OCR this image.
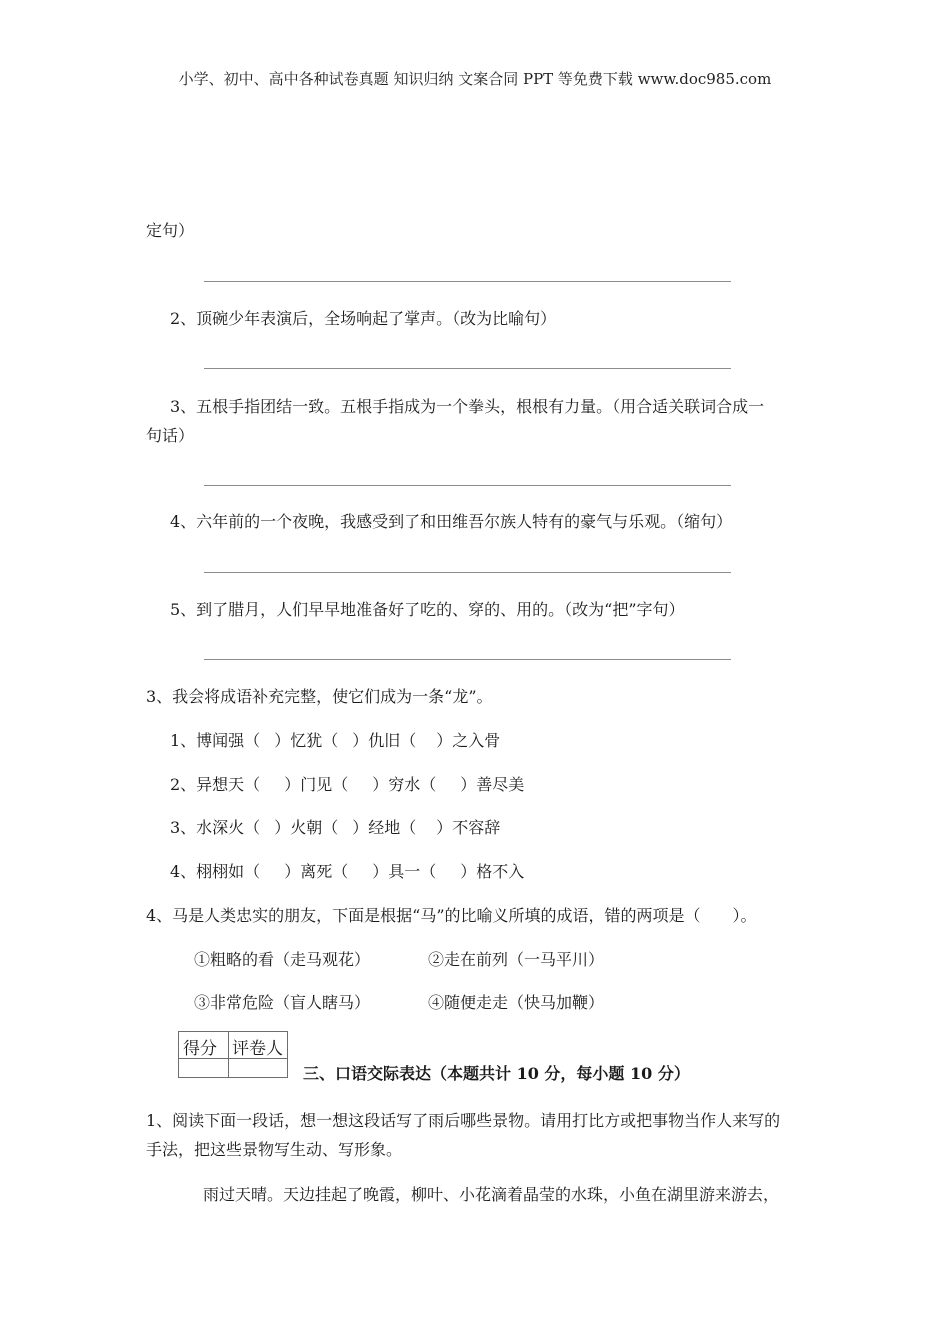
小学、初中、高中各种试卷真题 知识归纳 文案合同 PPT 等免费下载 www.doc985.com
定句）
2、顶碗少年表演后，全场响起了掌声。（改为比喻句）
3、五根手指团结一致。五根手指成为一个拳头，根根有力量。（用合适关联词合成一
句话）
4、六年前的一个夜晚，我感受到了和田维吾尔族人特有的豪气与乐观。（缩句）
5、到了腊月，人们早早地准备好了吃的、穿的、用的。（改为“把”字句）
3、我会将成语补充完整，使它们成为一条“龙”。
1、博闻强（ ）忆犹（ ）仇旧（ ）之入骨
2、异想天（ ）门见（ ）穷水（ ）善尽美
3、水深火（ ）火朝（ ）经地（ ）不容辞
4、栩栩如（ ）离死（ ）具一（ ）格不入
4、马是人类忠实的朋友，下面是根据“马”的比喻义所填的成语，错的两项是（　　）。
①粗略的看（走马观花）	②走在前列（一马平川）
③非常危险（盲人瞎马）	④随便走走（快马加鞭）
得分 评卷人
三、口语交际表达（本题共计 10 分，每小题 10 分）
1、阅读下面一段话，想一想这段话写了雨后哪些景物。请用打比方或把事物当作人来写的
手法，把这些景物写生动、写形象。
雨过天晴。天边挂起了晚霞，柳叶、小花滴着晶莹的水珠，小鱼在湖里游来游去，
